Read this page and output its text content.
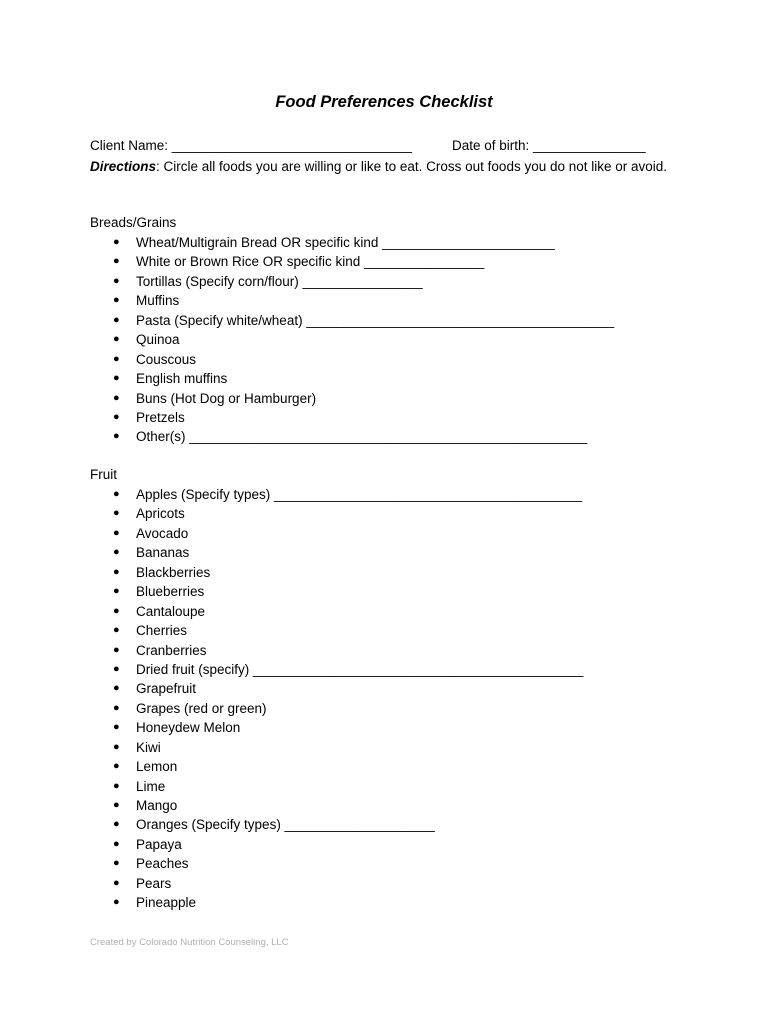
Food Preferences Checklist
Client Name: ________________________________	Date of birth: _______________

Directions: Circle all foods you are willing or like to eat. Cross out foods you do not like or avoid.

Breads/Grains
● Wheat/Multigrain Bread OR specific kind _______________________
● White or Brown Rice OR specific kind ________________
● Tortillas (Specify corn/flour) ________________
● Muffins
● Pasta (Specify white/wheat) _________________________________________
● Quinoa
● Couscous
● English muffins
● Buns (Hot Dog or Hamburger)
● Pretzels
● Other(s) _____________________________________________________
Fruit
● Apples (Specify types) _________________________________________
● Apricots
● Avocado
● Bananas
● Blackberries
● Blueberries
● Cantaloupe
● Cherries
● Cranberries
● Dried fruit (specify) ____________________________________________
● Grapefruit
● Grapes (red or green)
● Honeydew Melon
● Kiwi
● Lemon
● Lime
● Mango
● Oranges (Specify types) ____________________
● Papaya
● Peaches
● Pears
● Pineapple
Created by Colorado Nutrition Counseling, LLC
